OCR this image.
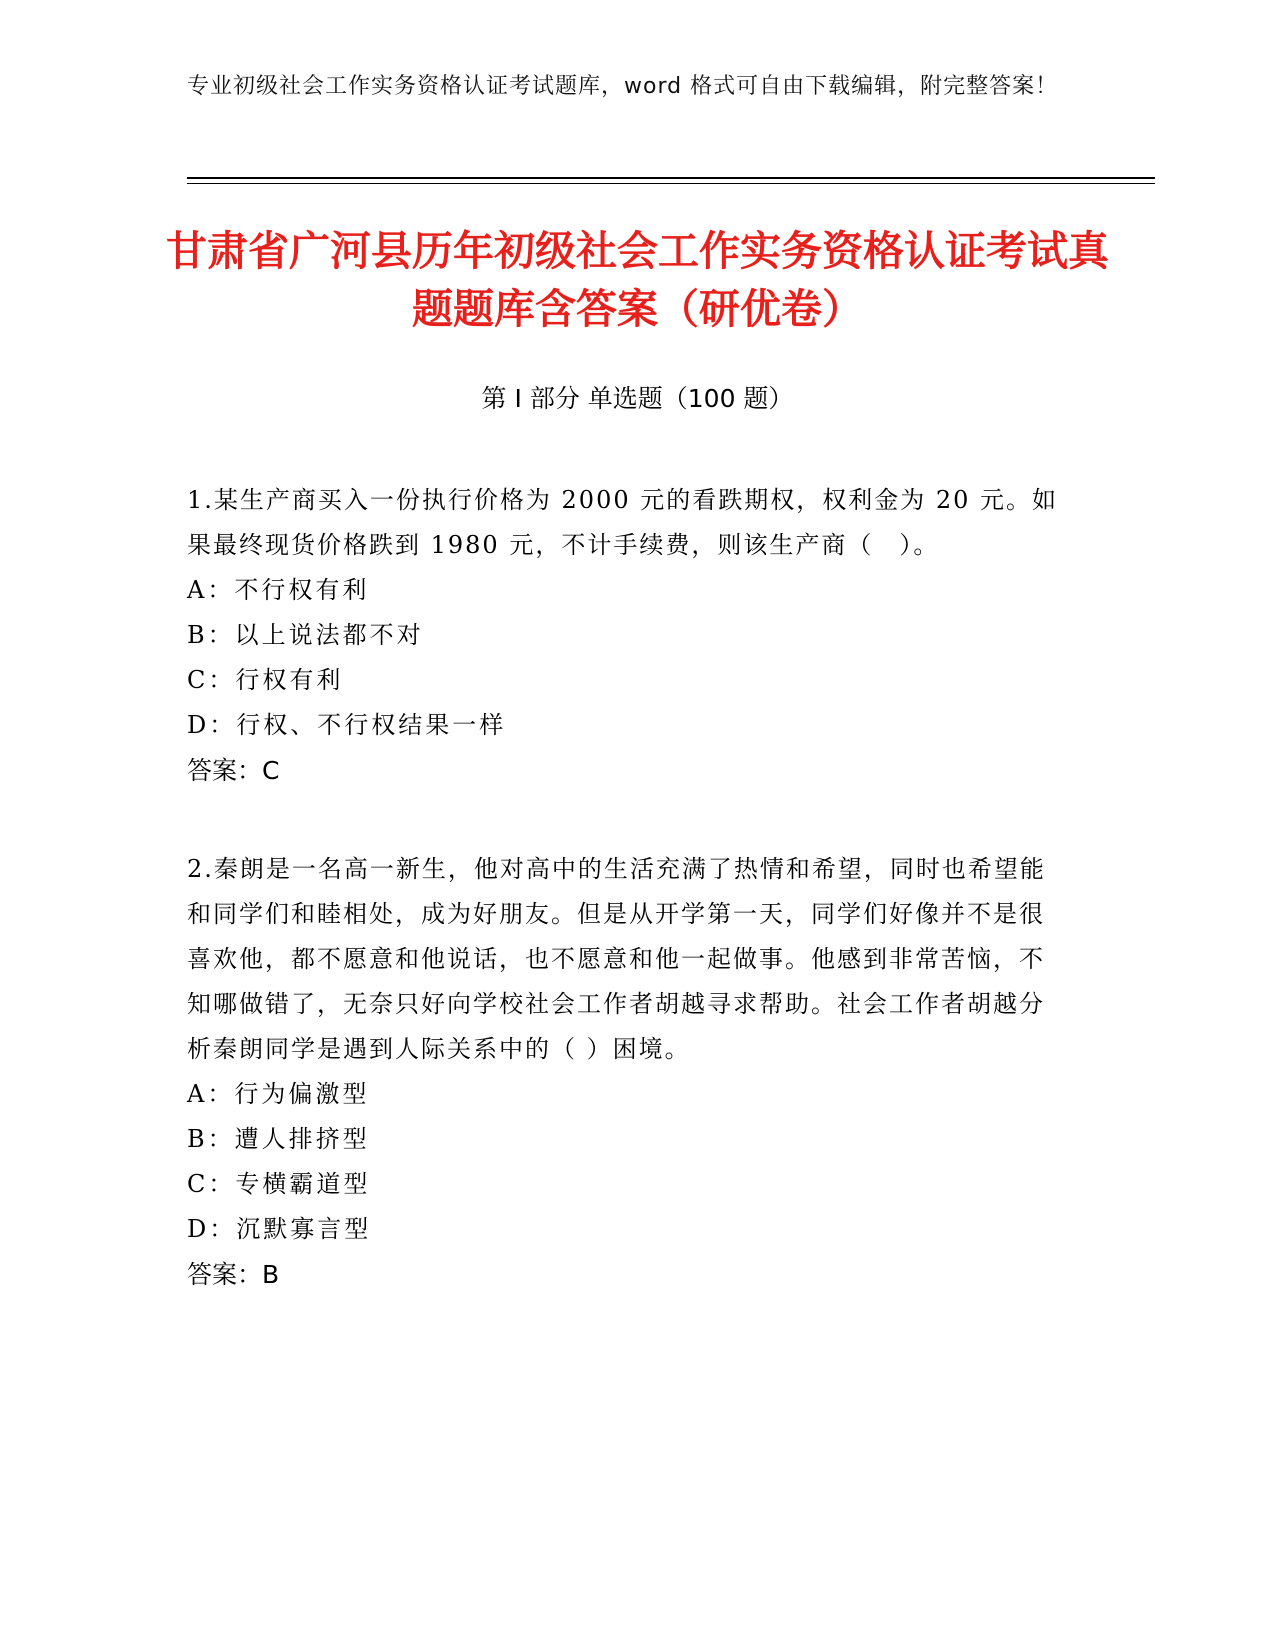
专业初级社会工作实务资格认证考试题库，word 格式可自由下载编辑，附完整答案！
甘肃省广河县历年初级社会工作实务资格认证考试真题题库含答案（研优卷）
第 I 部分 单选题（100 题）

1.某生产商买入一份执行价格为 2000 元的看跌期权，权利金为 20 元。如果最终现货价格跌到 1980 元，不计手续费，则该生产商（　）。

A：不行权有利

B：以上说法都不对

C：行权有利

D：行权、不行权结果一样

答案：C

2.秦朗是一名高一新生，他对高中的生活充满了热情和希望，同时也希望能和同学们和睦相处，成为好朋友。但是从开学第一天，同学们好像并不是很喜欢他，都不愿意和他说话，也不愿意和他一起做事。他感到非常苦恼，不知哪做错了，无奈只好向学校社会工作者胡越寻求帮助。社会工作者胡越分析秦朗同学是遇到人际关系中的（ ）困境。

A：行为偏激型

B：遭人排挤型

C：专横霸道型

D：沉默寡言型

答案：B
